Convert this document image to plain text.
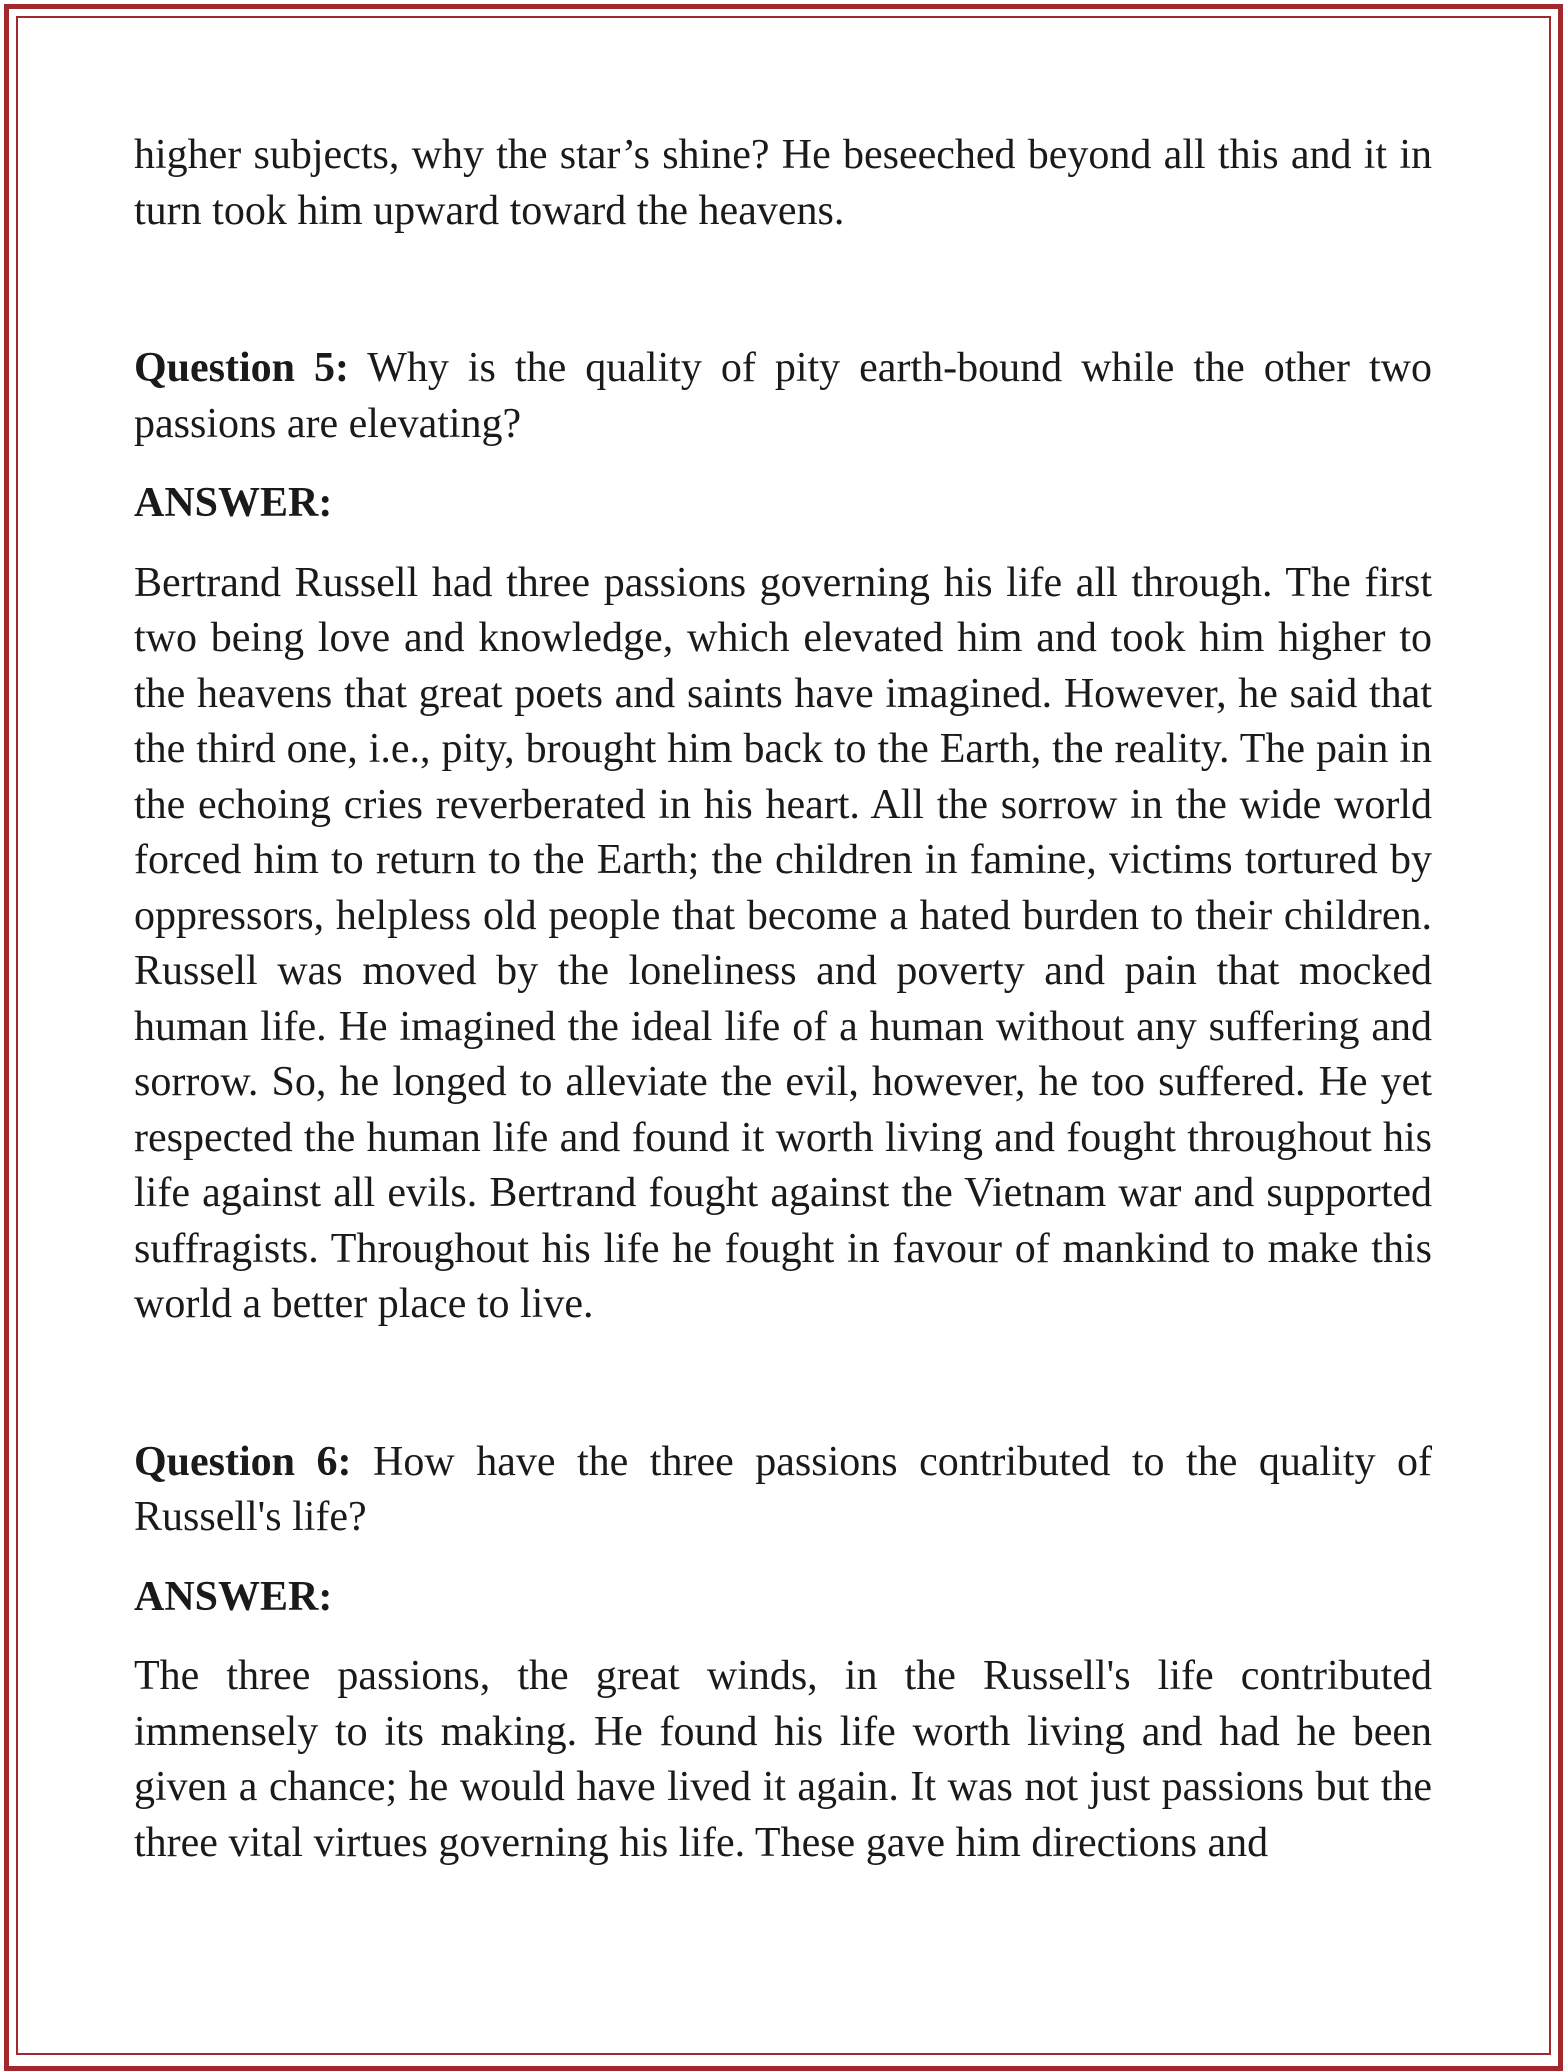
higher subjects, why the star’s shine? He beseeched beyond all this and it in turn took him upward toward the heavens.

Question 5: Why is the quality of pity earth-bound while the other two passions are elevating?

ANSWER:

Bertrand Russell had three passions governing his life all through. The first two being love and knowledge, which elevated him and took him higher to the heavens that great poets and saints have imagined. However, he said that the third one, i.e., pity, brought him back to the Earth, the reality. The pain in the echoing cries reverberated in his heart. All the sorrow in the wide world forced him to return to the Earth; the children in famine, victims tortured by oppressors, helpless old people that become a hated burden to their children. Russell was moved by the loneliness and poverty and pain that mocked human life. He imagined the ideal life of a human without any suffering and sorrow. So, he longed to alleviate the evil, however, he too suffered. He yet respected the human life and found it worth living and fought throughout his life against all evils. Bertrand fought against the Vietnam war and supported suffragists. Throughout his life he fought in favour of mankind to make this world a better place to live.

Question 6: How have the three passions contributed to the quality of Russell's life?

ANSWER:

The three passions, the great winds, in the Russell's life contributed immensely to its making. He found his life worth living and had he been given a chance; he would have lived it again. It was not just passions but the three vital virtues governing his life. These gave him directions and
